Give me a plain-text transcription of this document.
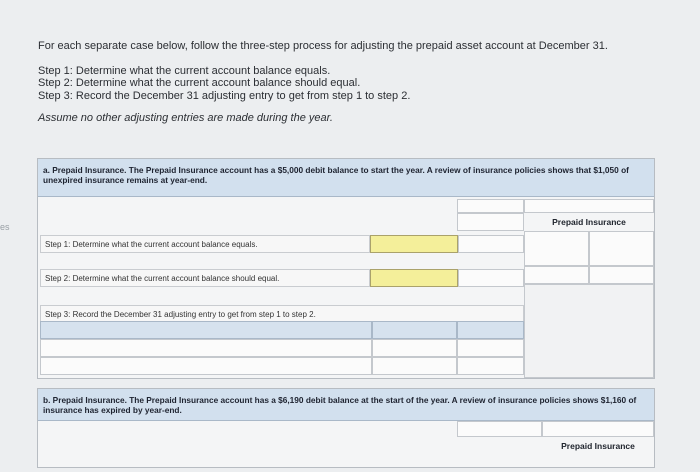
es

For each separate case below, follow the three-step process for adjusting the prepaid asset account at December 31.

Step 1: Determine what the current account balance equals.

Step 2: Determine what the current account balance should equal.

Step 3: Record the December 31 adjusting entry to get from step 1 to step 2.

Assume no other adjusting entries are made during the year.

a. Prepaid Insurance. The Prepaid Insurance account has a $5,000 debit balance to start the year. A review of insurance policies shows that $1,050 of unexpired insurance remains at year-end.
Prepaid Insurance
Step 1: Determine what the current account balance equals.
Step 2: Determine what the current account balance should equal.
Step 3: Record the December 31 adjusting entry to get from step 1 to step 2.
b. Prepaid Insurance. The Prepaid Insurance account has a $6,190 debit balance at the start of the year. A review of insurance policies shows $1,160 of insurance has expired by year-end.
Prepaid Insurance
